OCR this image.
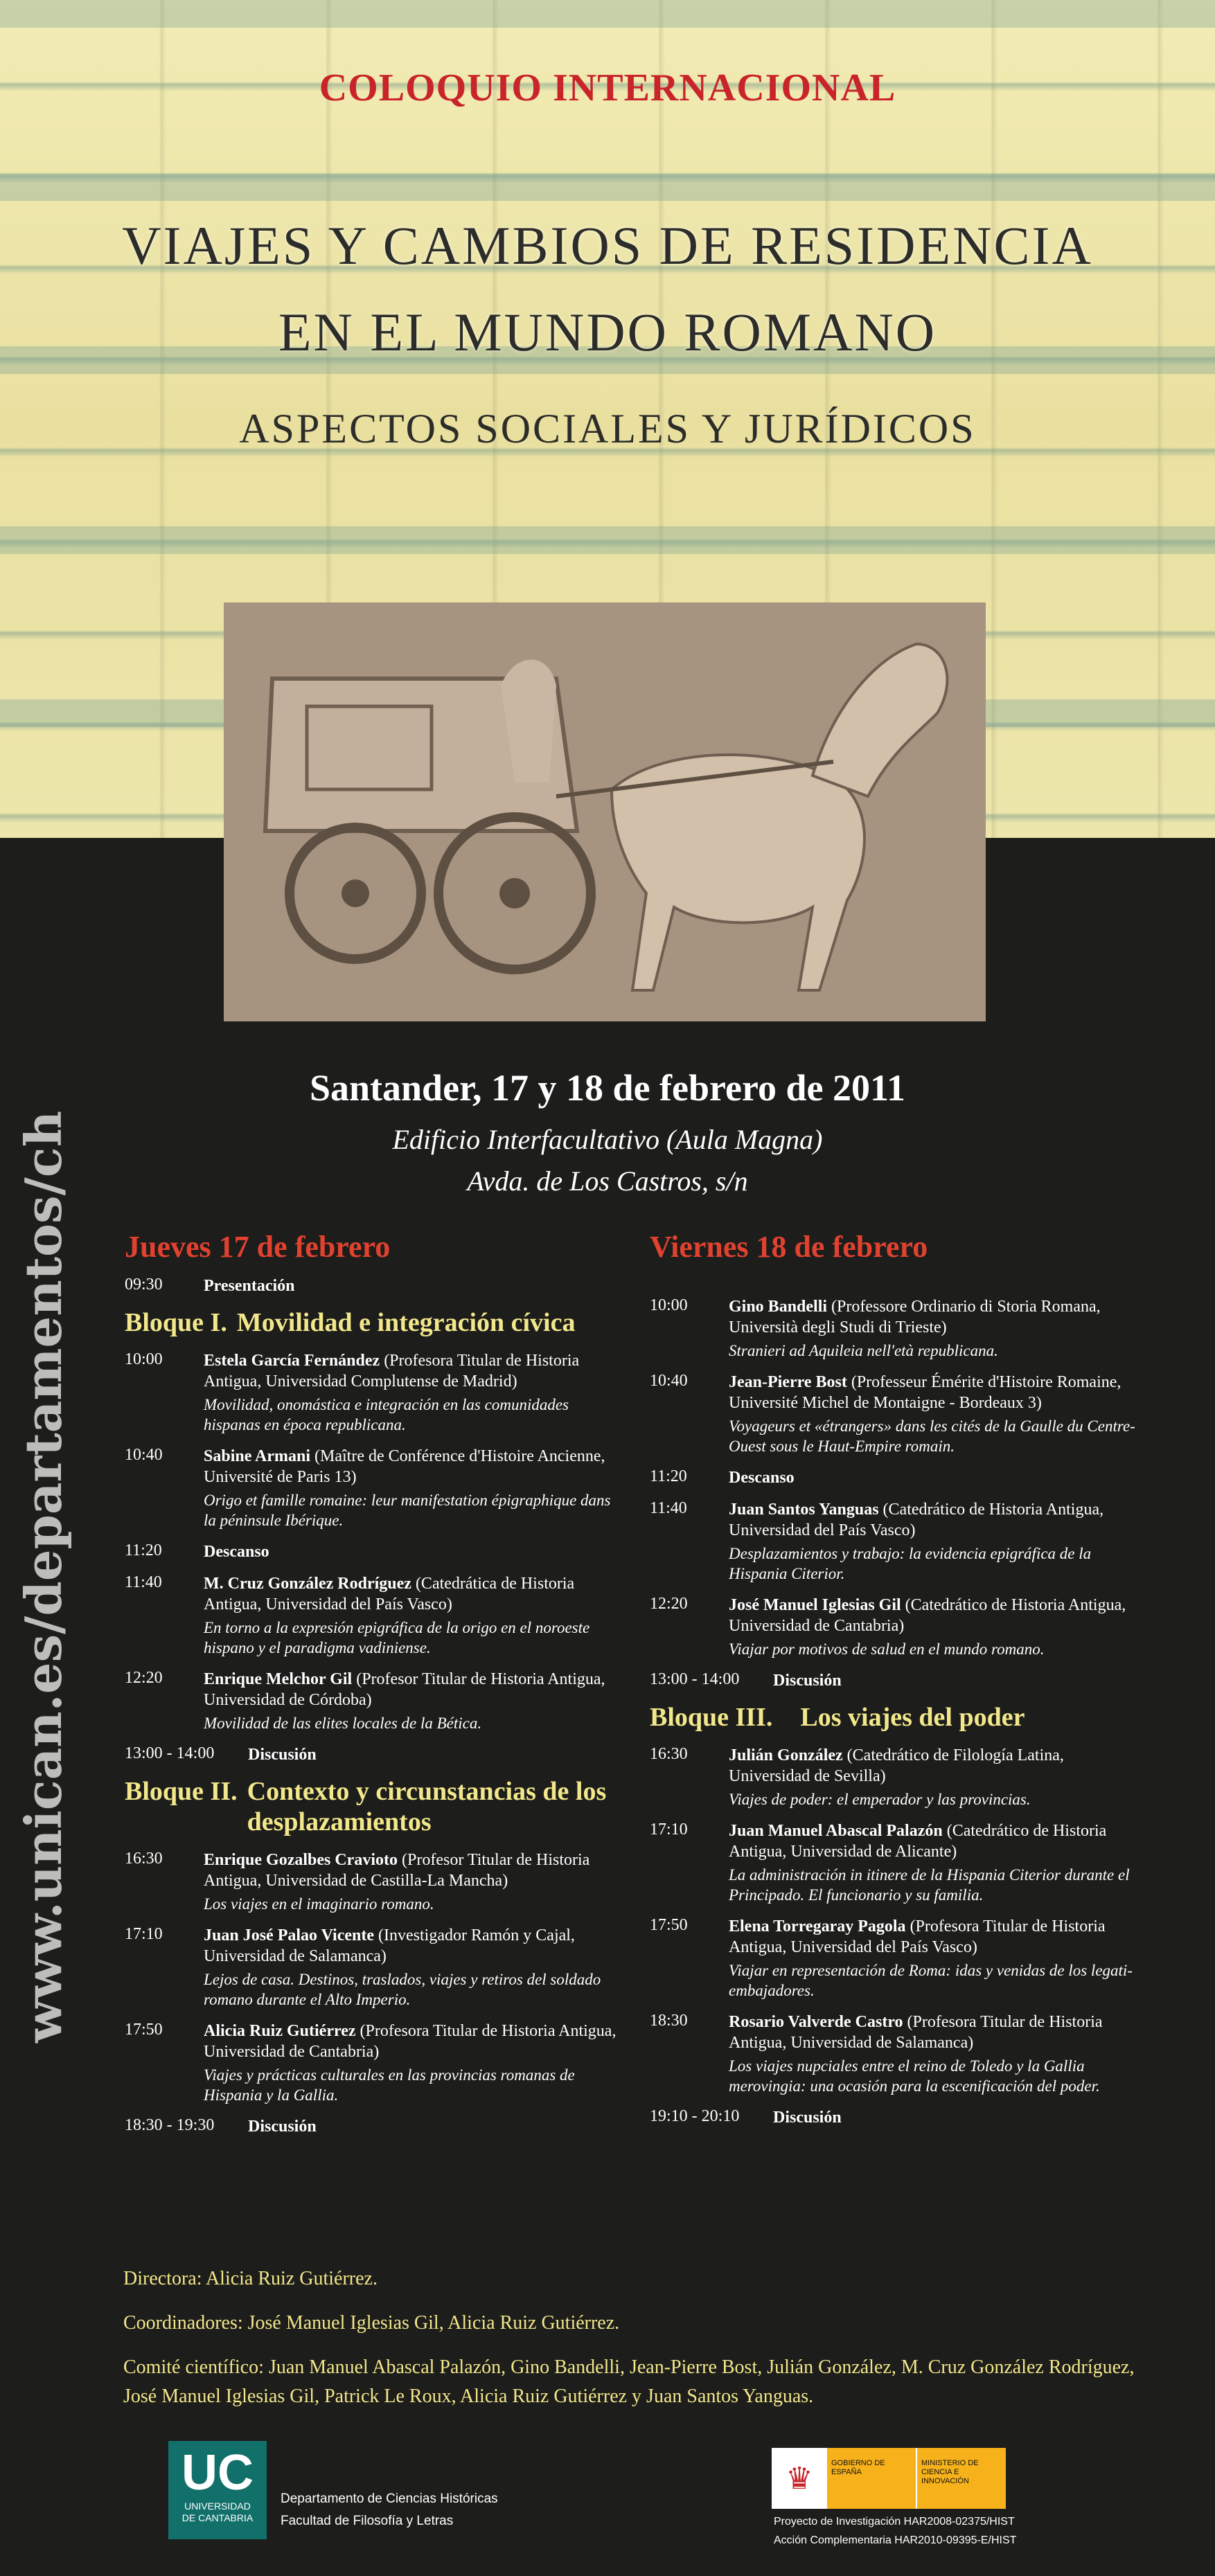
COLOQUIO INTERNACIONAL
VIAJES Y CAMBIOS DE RESIDENCIA
EN EL MUNDO ROMANO
ASPECTOS SOCIALES Y JURÍDICOS
Santander, 17 y 18 de febrero de 2011
Edificio Interfacultativo (Aula Magna)
Avda. de Los Castros, s/n
www.unican.es/departamentos/ch Jueves 17 de febrero
09:30	Presentación
Bloque I. Movilidad e integración cívica
10:00	Estela García Fernández (Profesora Titular de Historia Antigua, Universidad Complutense de Madrid)
Movilidad, onomástica e integración en las comunidades hispanas en época republicana.
10:40	Sabine Armani (Maître de Conférence d'Histoire Ancienne, Université de Paris 13)
Origo et famille romaine: leur manifestation épigraphique dans la péninsule Ibérique.
11:20	Descanso
11:40	M. Cruz González Rodríguez (Catedrática de Historia Antigua, Universidad del País Vasco)
En torno a la expresión epigráfica de la origo en el noroeste hispano y el paradigma vadiniense.
12:20	Enrique Melchor Gil (Profesor Titular de Historia Antigua, Universidad de Córdoba)
Movilidad de las elites locales de la Bética.
13:00 - 14:00	Discusión
Bloque II. Contexto y circunstancias de los desplazamientos
16:30	Enrique Gozalbes Cravioto (Profesor Titular de Historia Antigua, Universidad de Castilla-La Mancha)
Los viajes en el imaginario romano.
17:10	Juan José Palao Vicente (Investigador Ramón y Cajal, Universidad de Salamanca)
Lejos de casa. Destinos, traslados, viajes y retiros del soldado romano durante el Alto Imperio.
17:50	Alicia Ruiz Gutiérrez (Profesora Titular de Historia Antigua, Universidad de Cantabria)
Viajes y prácticas culturales en las provincias romanas de Hispania y la Gallia.
18:30 - 19:30	Discusión
Viernes 18 de febrero
10:00	Gino Bandelli (Professore Ordinario di Storia Romana, Università degli Studi di Trieste)
Stranieri ad Aquileia nell'età republicana.
10:40	Jean-Pierre Bost (Professeur Émérite d'Histoire Romaine, Université Michel de Montaigne - Bordeaux 3)
Voyageurs et «étrangers» dans les cités de la Gaulle du Centre-Ouest sous le Haut-Empire romain.
11:20	Descanso
11:40	Juan Santos Yanguas (Catedrático de Historia Antigua, Universidad del País Vasco)
Desplazamientos y trabajo: la evidencia epigráfica de la Hispania Citerior.
12:20	José Manuel Iglesias Gil (Catedrático de Historia Antigua, Universidad de Cantabria)
Viajar por motivos de salud en el mundo romano.
13:00 - 14:00	Discusión
Bloque III. Los viajes del poder
16:30	Julián González (Catedrático de Filología Latina, Universidad de Sevilla)
Viajes de poder: el emperador y las provincias.
17:10	Juan Manuel Abascal Palazón (Catedrático de Historia Antigua, Universidad de Alicante)
La administración in itinere de la Hispania Citerior durante el Principado. El funcionario y su familia.
17:50	Elena Torregaray Pagola (Profesora Titular de Historia Antigua, Universidad del País Vasco)
Viajar en representación de Roma: idas y venidas de los legati-embajadores.
18:30	Rosario Valverde Castro (Profesora Titular de Historia Antigua, Universidad de Salamanca)
Los viajes nupciales entre el reino de Toledo y la Gallia merovingia: una ocasión para la escenificación del poder.
19:10 - 20:10	Discusión

Directora: Alicia Ruiz Gutiérrez.

Coordinadores: José Manuel Iglesias Gil, Alicia Ruiz Gutiérrez.

Comité científico: Juan Manuel Abascal Palazón, Gino Bandelli, Jean-Pierre Bost, Julián González, M. Cruz González Rodríguez, José Manuel Iglesias Gil, Patrick Le Roux, Alicia Ruiz Gutiérrez y Juan Santos Yanguas.

UC
UNIVERSIDAD
DE CANTABRIA
Departamento de Ciencias Históricas
Facultad de Filosofía y Letras
♛	GOBIERNO DE ESPAÑA
MINISTERIO DE CIENCIA E INNOVACIÓN
Proyecto de Investigación HAR2008-02375/HIST
Acción Complementaria HAR2010-09395-E/HIST
